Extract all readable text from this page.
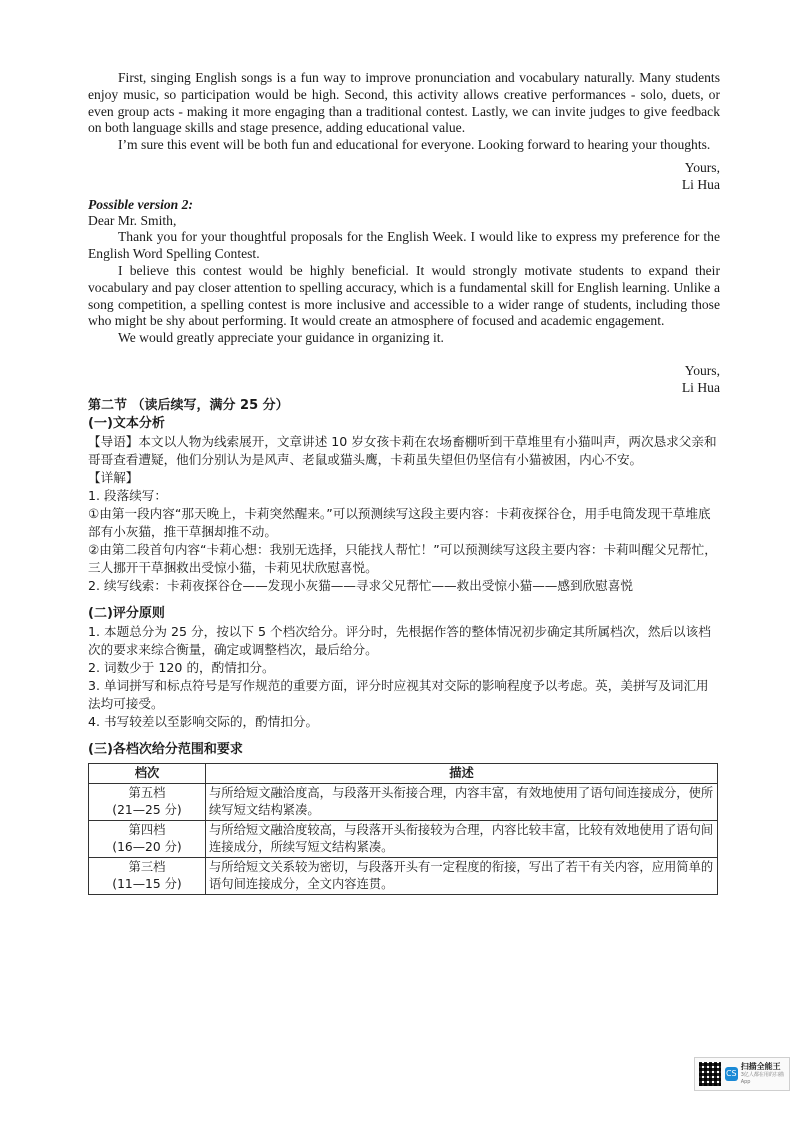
First, singing English songs is a fun way to improve pronunciation and vocabulary naturally. Many students enjoy music, so participation would be high. Second, this activity allows creative performances - solo, duets, or even group acts - making it more engaging than a traditional contest. Lastly, we can invite judges to give feedback on both language skills and stage presence, adding educational value.

I’m sure this event will be both fun and educational for everyone. Looking forward to hearing your thoughts.

Yours,
Li Hua
Possible version 2:

Dear Mr. Smith,

Thank you for your thoughtful proposals for the English Week. I would like to express my preference for the English Word Spelling Contest.

I believe this contest would be highly beneficial. It would strongly motivate students to expand their vocabulary and pay closer attention to spelling accuracy, which is a fundamental skill for English learning. Unlike a song competition, a spelling contest is more inclusive and accessible to a wider range of students, including those who might be shy about performing. It would create an atmosphere of focused and academic engagement.

We would greatly appreciate your guidance in organizing it.

Yours,
Li Hua
第二节 （读后续写，满分 25 分）
(一)文本分析

【导语】本文以人物为线索展开，文章讲述 10 岁女孩卡莉在农场畜棚听到干草堆里有小猫叫声，两次恳求父亲和哥哥查看遭疑，他们分别认为是风声、老鼠或猫头鹰，卡莉虽失望但仍坚信有小猫被困，内心不安。

【详解】

1. 段落续写：

①由第一段内容“那天晚上，卡莉突然醒来。”可以预测续写这段主要内容：卡莉夜探谷仓，用手电筒发现干草堆底部有小灰猫，推干草捆却推不动。

②由第二段首句内容“卡莉心想：我别无选择，只能找人帮忙！”可以预测续写这段主要内容：卡莉叫醒父兄帮忙，三人挪开干草捆救出受惊小猫，卡莉见状欣慰喜悦。

2. 续写线索：卡莉夜探谷仓——发现小灰猫——寻求父兄帮忙——救出受惊小猫——感到欣慰喜悦

(二)评分原则

1. 本题总分为 25 分，按以下 5 个档次给分。评分时，先根据作答的整体情况初步确定其所属档次，然后以该档次的要求来综合衡量，确定或调整档次，最后给分。

2. 词数少于 120 的，酌情扣分。

3. 单词拼写和标点符号是写作规范的重要方面，评分时应视其对交际的影响程度予以考虑。英，美拼写及词汇用法均可接受。

4. 书写较差以至影响交际的，酌情扣分。

(三)各档次给分范围和要求
档次	描述

第五档
(21—25 分)	与所给短文融洽度高，与段落开头衔接合理，内容丰富，有效地使用了语句间连接成分，使所续写短文结构紧凑。

第四档
(16—20 分)	与所给短文融洽度较高，与段落开头衔接较为合理，内容比较丰富，比较有效地使用了语句间连接成分，所续写短文结构紧凑。

第三档
(11—15 分)	与所给短文关系较为密切，与段落开头有一定程度的衔接，写出了若干有关内容，应用简单的语句间连接成分，全文内容连贯。
CS
扫描全能王
3亿人都在用的扫描App
